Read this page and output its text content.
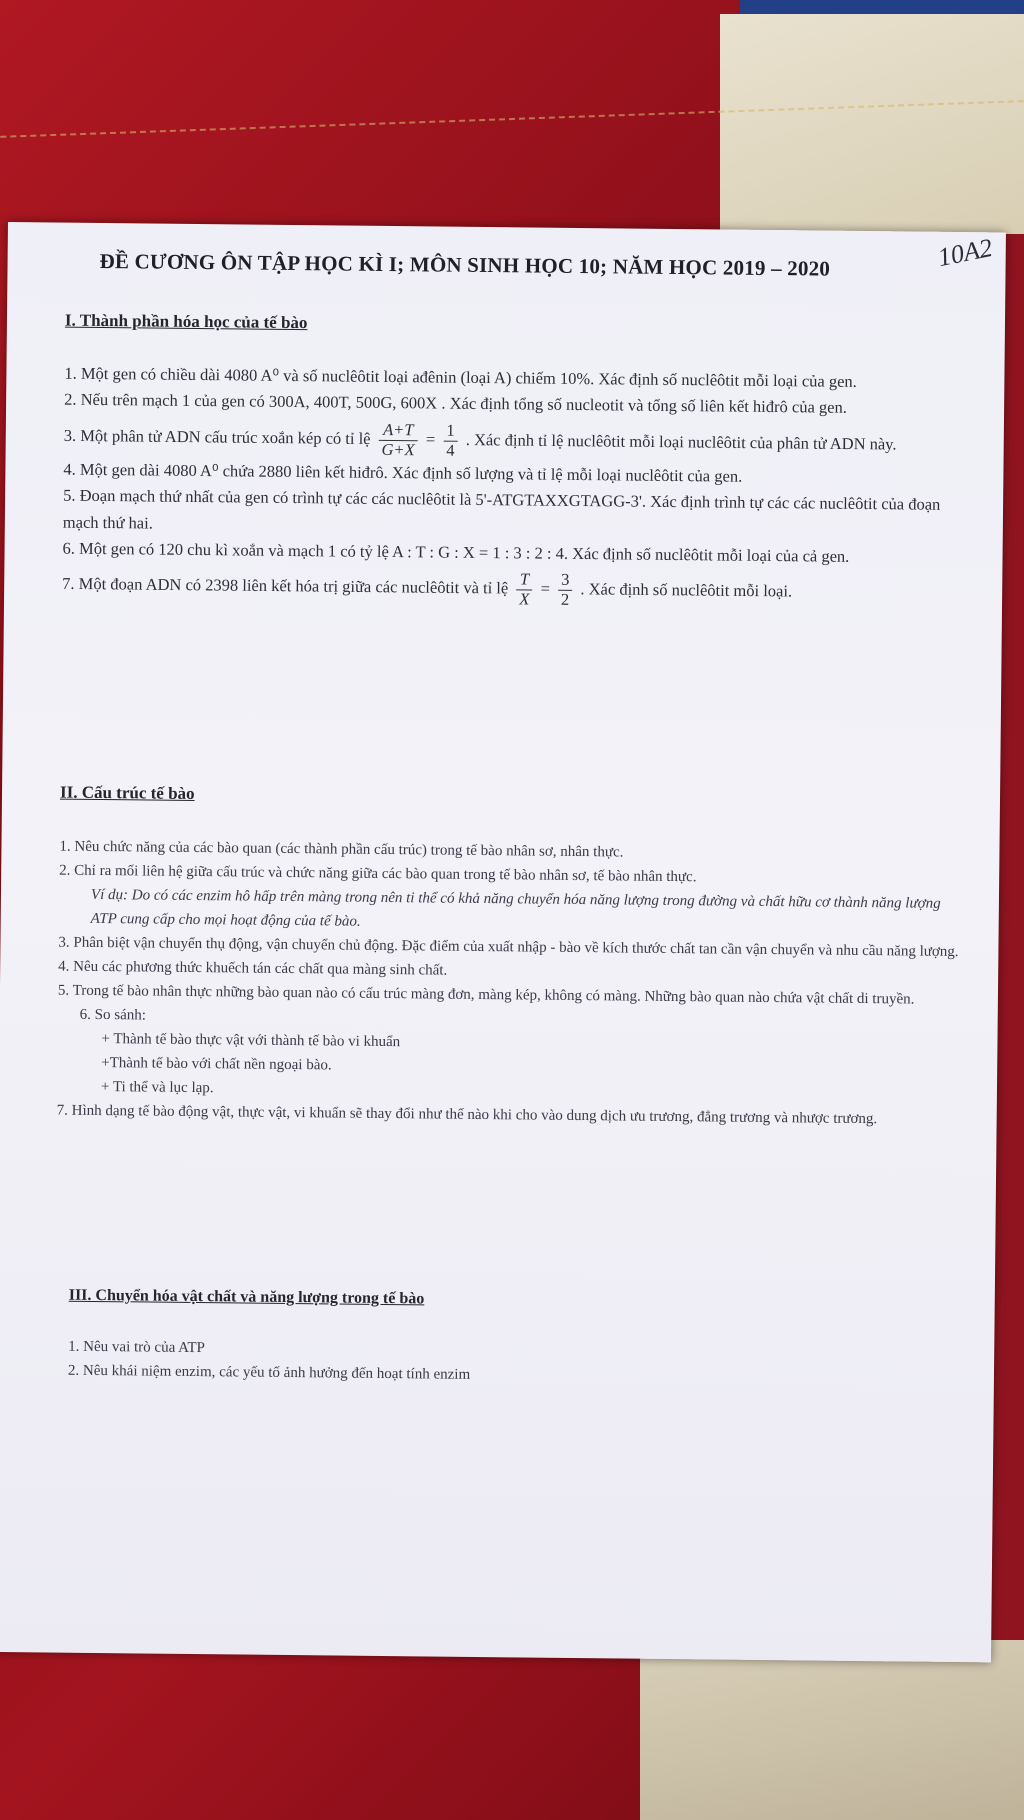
ĐỀ CƯƠNG ÔN TẬP HỌC KÌ I; MÔN SINH HỌC 10; NĂM HỌC 2019 – 2020	10A2
I. Thành phần hóa học của tế bào

1. Một gen có chiều dài 4080 A⁰ và số nuclêôtit loại ađênin (loại A) chiếm 10%. Xác định số nuclêôtit mỗi loại của gen.

2. Nếu trên mạch 1 của gen có 300A, 400T, 500G, 600X . Xác định tổng số nucleotit và tổng số liên kết hiđrô của gen.

3. Một phân tử ADN cấu trúc xoắn kép có tỉ lệ $\frac{A+T}{G+X} = \frac{1}{4}$ . Xác định tỉ lệ nuclêôtit mỗi loại nuclêôtit của phân tử ADN này.

4. Một gen dài 4080 A⁰ chứa 2880 liên kết hiđrô. Xác định số lượng và tỉ lệ mỗi loại nuclêôtit của gen.

5. Đoạn mạch thứ nhất của gen có trình tự các các nuclêôtit là 5'-ATGTAXXGTAGG-3'. Xác định trình tự các các nuclêôtit của đoạn mạch thứ hai.

6. Một gen có 120 chu kì xoắn và mạch 1 có tỷ lệ A : T : G : X = 1 : 3 : 2 : 4. Xác định số nuclêôtit mỗi loại của cả gen.

7. Một đoạn ADN có 2398 liên kết hóa trị giữa các nuclêôtit và tỉ lệ $\frac{T}{X} = \frac{3}{2}$ . Xác định số nuclêôtit mỗi loại.

II. Cấu trúc tế bào

1. Nêu chức năng của các bào quan (các thành phần cấu trúc) trong tế bào nhân sơ, nhân thực.

2. Chỉ ra mối liên hệ giữa cấu trúc và chức năng giữa các bào quan trong tế bào nhân sơ, tế bào nhân thực.

Ví dụ: Do có các enzim hô hấp trên màng trong nên ti thể có khả năng chuyển hóa năng lượng trong đường và chất hữu cơ thành năng lượng ATP cung cấp cho mọi hoạt động của tế bào.

3. Phân biệt vận chuyển thụ động, vận chuyển chủ động. Đặc điểm của xuất nhập - bào về kích thước chất tan cần vận chuyển và nhu cầu năng lượng.

4. Nêu các phương thức khuếch tán các chất qua màng sinh chất.

5. Trong tế bào nhân thực những bào quan nào có cấu trúc màng đơn, màng kép, không có màng. Những bào quan nào chứa vật chất di truyền.

6. So sánh:

+ Thành tế bào thực vật với thành tế bào vi khuẩn

+Thành tế bào với chất nền ngoại bào.

+ Ti thể và lục lạp.

7. Hình dạng tế bào động vật, thực vật, vi khuẩn sẽ thay đổi như thế nào khi cho vào dung dịch ưu trương, đẳng trương và nhược trương.

III. Chuyển hóa vật chất và năng lượng trong tế bào

1. Nêu vai trò của ATP

2. Nêu khái niệm enzim, các yếu tố ảnh hưởng đến hoạt tính enzim
